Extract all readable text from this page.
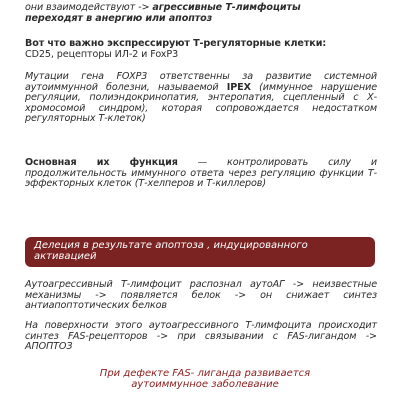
они взаимодействуют -> агрессивные Т-лимфоциты
переходят в анергию или апоптоз
Вот что важно экспрессируют Т-регуляторные клетки:
CD25, рецепторы ИЛ-2 и FoxP3
Мутации гена FOXP3 ответственны за развитие системной аутоиммунной болезни, называемой IPEX (иммунное нарушение регуляции, полиэндокринопатия, энтеропатия, сцепленный с Х-хромосомой синдром), которая сопровождается недостатком регуляторных Т-клеток)
Основная их функция — контролировать силу и продолжительность иммунного ответа через регуляцию функции Т-эффекторных клеток (Т-хелперов и Т-киллеров)
Делеция в результате апоптоза , индуцированного активацией
Аутоагрессивный Т-лимфоцит распознал аутоАГ -> неизвестные механизмы -> появляется белок -> он снижает синтез антиапоптотических белков
На поверхности этого аутоагрессивного Т-лимфоцита происходит синтез FAS-рецепторов -> при связывании с FAS-лигандом -> АПОПТОЗ
При дефекте FAS- лиганда развивается аутоиммунное заболевание
